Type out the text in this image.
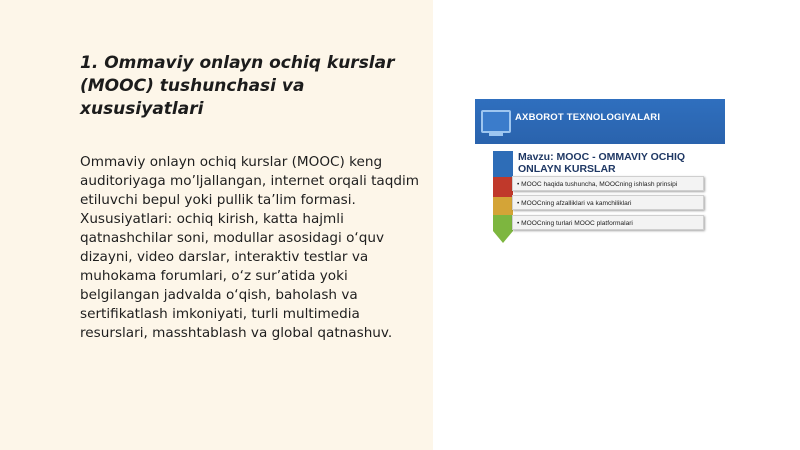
1. Ommaviy onlayn ochiq kurslar (MOOC) tushunchasi va xususiyatlari

Ommaviy onlayn ochiq kurslar (MOOC) keng auditoriyaga mo’ljallangan, internet orqali taqdim etiluvchi bepul yoki pullik ta’lim formasi. Xususiyatlari: ochiq kirish, katta hajmli qatnashchilar soni, modullar asosidagi o‘quv dizayni, video darslar, interaktiv testlar va muhokama forumlari, o‘z sur’atida yoki belgilangan jadvalda o‘qish, baholash va sertifikatlash imkoniyati, turli multimedia resurslari, masshtablash va global qatnashuv.

AXBOROT TEXNOLOGIYALARI
Mavzu: MOOC - OMMAVIY OCHIQ
ONLAYN KURSLAR
• MOOC haqida tushuncha, MOOCning ishlash prinsipi
• MOOCning afzalliklari va kamchiliklari
• MOOCning turlari MOOC platformalari
